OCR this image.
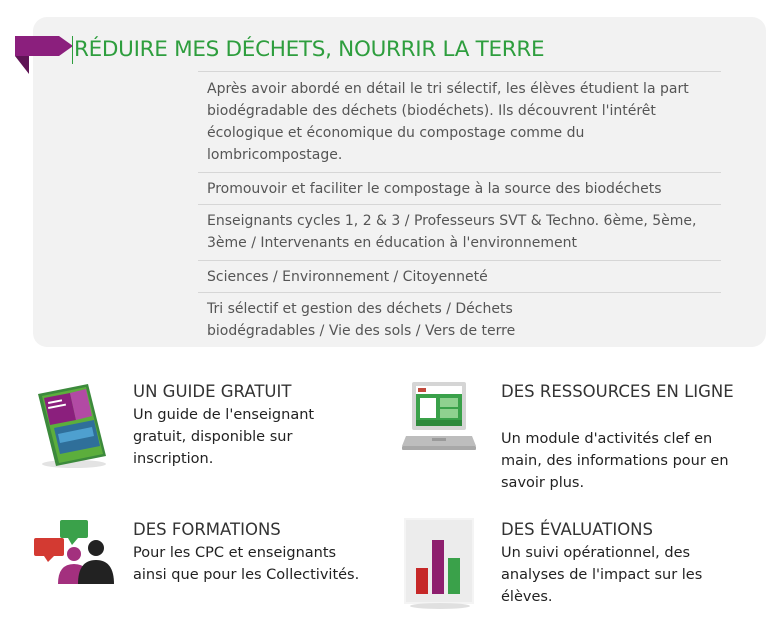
RÉDUIRE MES DÉCHETS, NOURRIR LA TERRE
Après avoir abordé en détail le tri sélectif, les élèves étudient la part biodégradable des déchets (biodéchets). Ils découvrent l'intérêt écologique et économique du compostage comme du lombricompostage.
Promouvoir et faciliter le compostage à la source des biodéchets
Enseignants cycles 1, 2 & 3 / Professeurs SVT & Techno. 6ème, 5ème, 3ème / Intervenants en éducation à l'environnement
Sciences / Environnement / Citoyenneté
Tri sélectif et gestion des déchets / Déchets biodégradables / Vie des sols / Vers de terre
UN GUIDE GRATUIT

Un guide de l'enseignant gratuit, disponible sur inscription.

DES RESSOURCES EN LIGNE

Un module d'activités clef en main, des informations pour en savoir plus.

DES FORMATIONS

Pour les CPC et enseignants ainsi que pour les Collectivités.

DES ÉVALUATIONS

Un suivi opérationnel, des analyses de l'impact sur les élèves.
